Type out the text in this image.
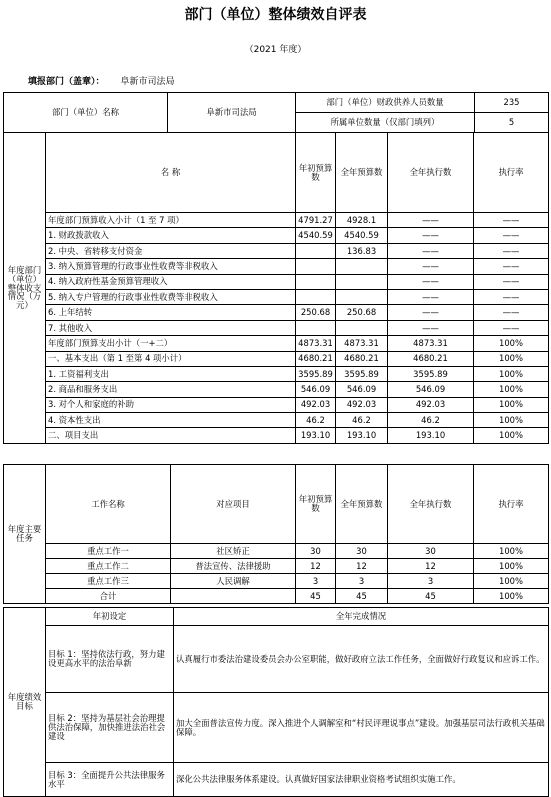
部门（单位）整体绩效自评表
（2021 年度）
填报部门（盖章）： 阜新市司法局
部门（单位）名称	阜新市司法局	部门（单位）财政供养人员数量	235
		所属单位数量（仅部门填列）	5
年度部门（单位）整体收支情况（万元）	名 称	年初预算数	全年预算数	全年执行数	执行率
	年度部门预算收入小计（1 至 7 项）	4791.27	4928.1	——	——
	1. 财政拨款收入	4540.59	4540.59	——	——
	2. 中央、省转移支付资金		136.83	——	——
	3. 纳入预算管理的行政事业性收费等非税收入			——	——
	4. 纳入政府性基金预算管理收入			——	——
	5. 纳入专户管理的行政事业性收费等非税收入			——	——
	6. 上年结转	250.68	250.68	——	——
	7. 其他收入			——	——
	年度部门预算支出小计（一+二）	4873.31	4873.31	4873.31	100%
	一、基本支出（第 1 至第 4 项小计）	4680.21	4680.21	4680.21	100%
	1. 工资福利支出	3595.89	3595.89	3595.89	100%
	2. 商品和服务支出	546.09	546.09	546.09	100%
	3. 对个人和家庭的补助	492.03	492.03	492.03	100%
	4. 资本性支出	46.2	46.2	46.2	100%
	二、项目支出	193.10	193.10	193.10	100%
年度主要任务	工作名称	对应项目	年初预算数	全年预算数	全年执行数	执行率
	重点工作一	社区矫正	30	30	30	100%
	重点工作二	普法宣传、法律援助	12	12	12	100%
	重点工作三	人民调解	3	3	3	100%
	合计		45	45	45	100%
年度绩效目标	年初设定	全年完成情况
	目标 1：坚持依法行政，努力建设更高水平的法治阜新	认真履行市委法治建设委员会办公室职能，做好政府立法工作任务，全面做好行政复议和应诉工作。
	目标 2：坚持为基层社会治理提供法治保障，加快推进法治社会建设	加大全面普法宣传力度。深入推进个人调解室和“村民评理说事点”建设。加强基层司法行政机关基础保障。
	目标 3：全面提升公共法律服务水平	深化公共法律服务体系建设。认真做好国家法律职业资格考试组织实施工作。
